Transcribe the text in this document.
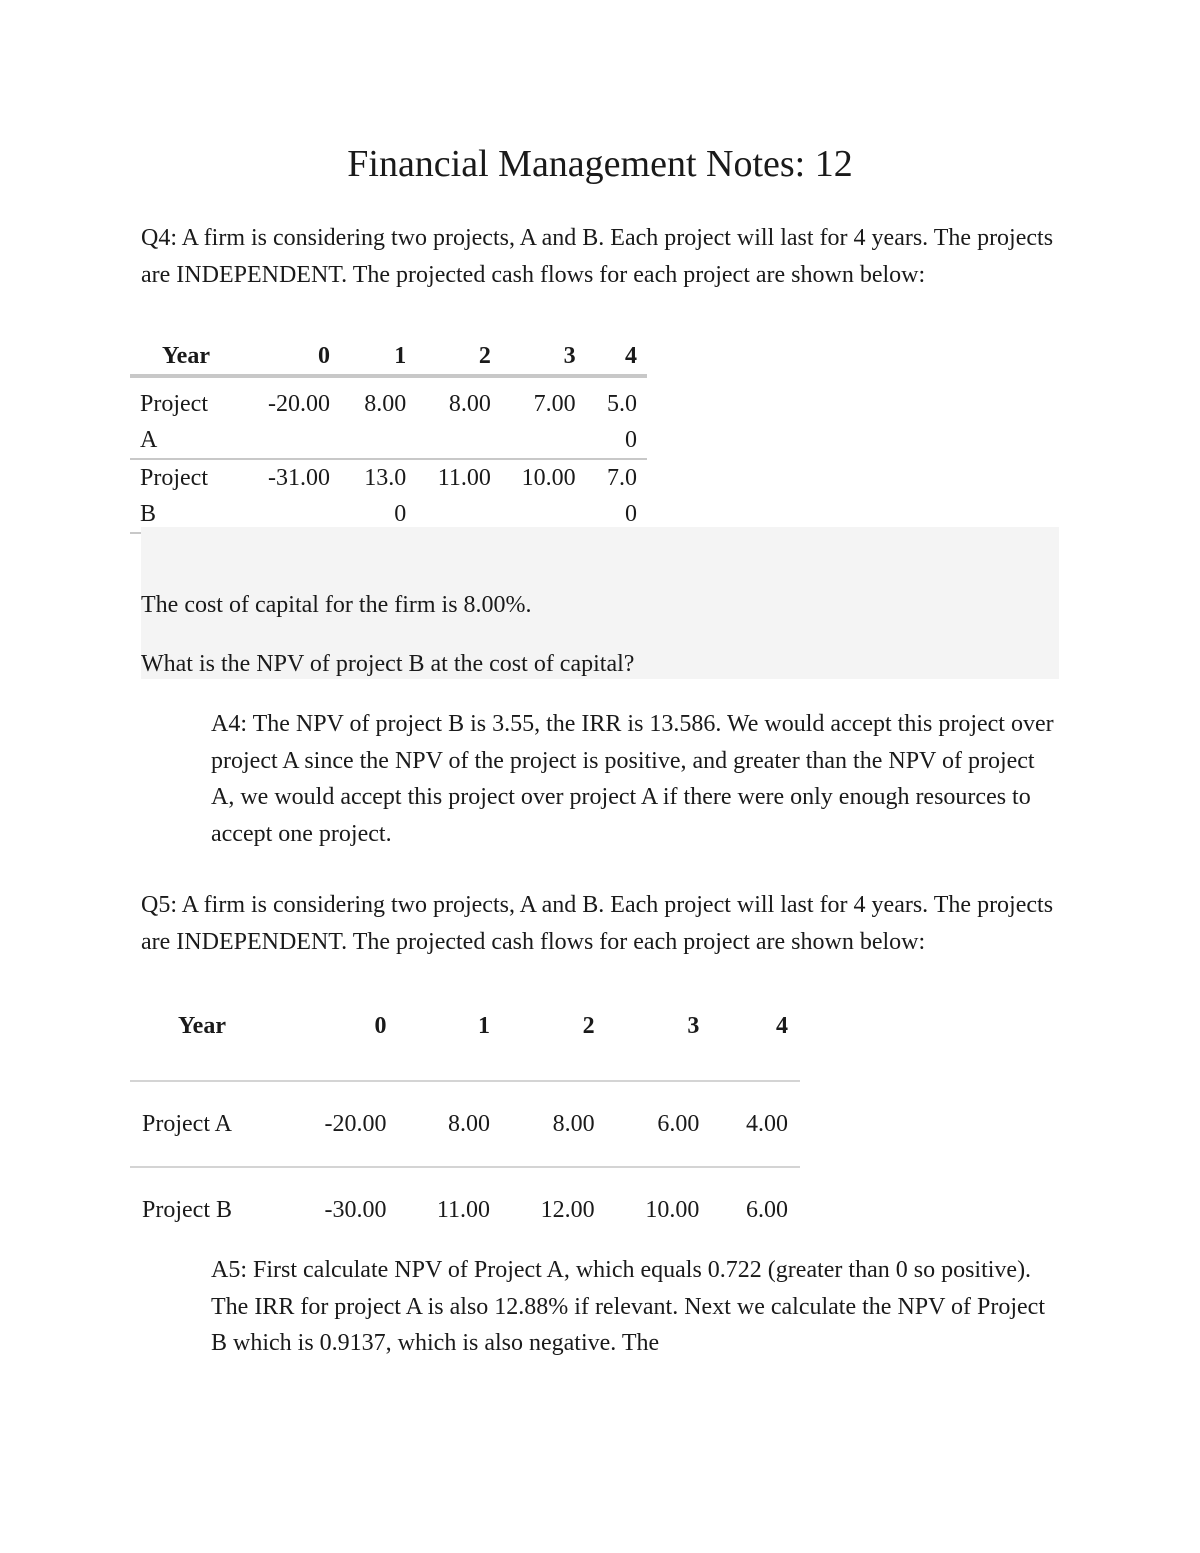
Financial Management Notes: 12

Q4: A firm is considering two projects, A and B. Each project will last for 4 years. The projects are INDEPENDENT. The projected cash flows for each project are shown below:

Year	0	1	2	3	4

Project A	-20.00	8.00	8.00	7.00	5.00

Project B	-31.00	13.00	11.00	10.00	7.00

The cost of capital for the firm is 8.00%.

What is the NPV of project B at the cost of capital?

A4: The NPV of project B is 3.55, the IRR is 13.586. We would accept this project over project A since the NPV of the project is positive, and greater than the NPV of project A, we would accept this project over project A if there were only enough resources to accept one project.

Q5: A firm is considering two projects, A and B. Each project will last for 4 years. The projects are INDEPENDENT. The projected cash flows for each project are shown below:

Year	0	1	2	3	4
Project A	-20.00	8.00	8.00	6.00	4.00
Project B	-30.00	11.00	12.00	10.00	6.00

A5: First calculate NPV of Project A, which equals 0.722 (greater than 0 so positive). The IRR for project A is also 12.88% if relevant. Next we calculate the NPV of Project B which is 0.9137, which is also negative. The
